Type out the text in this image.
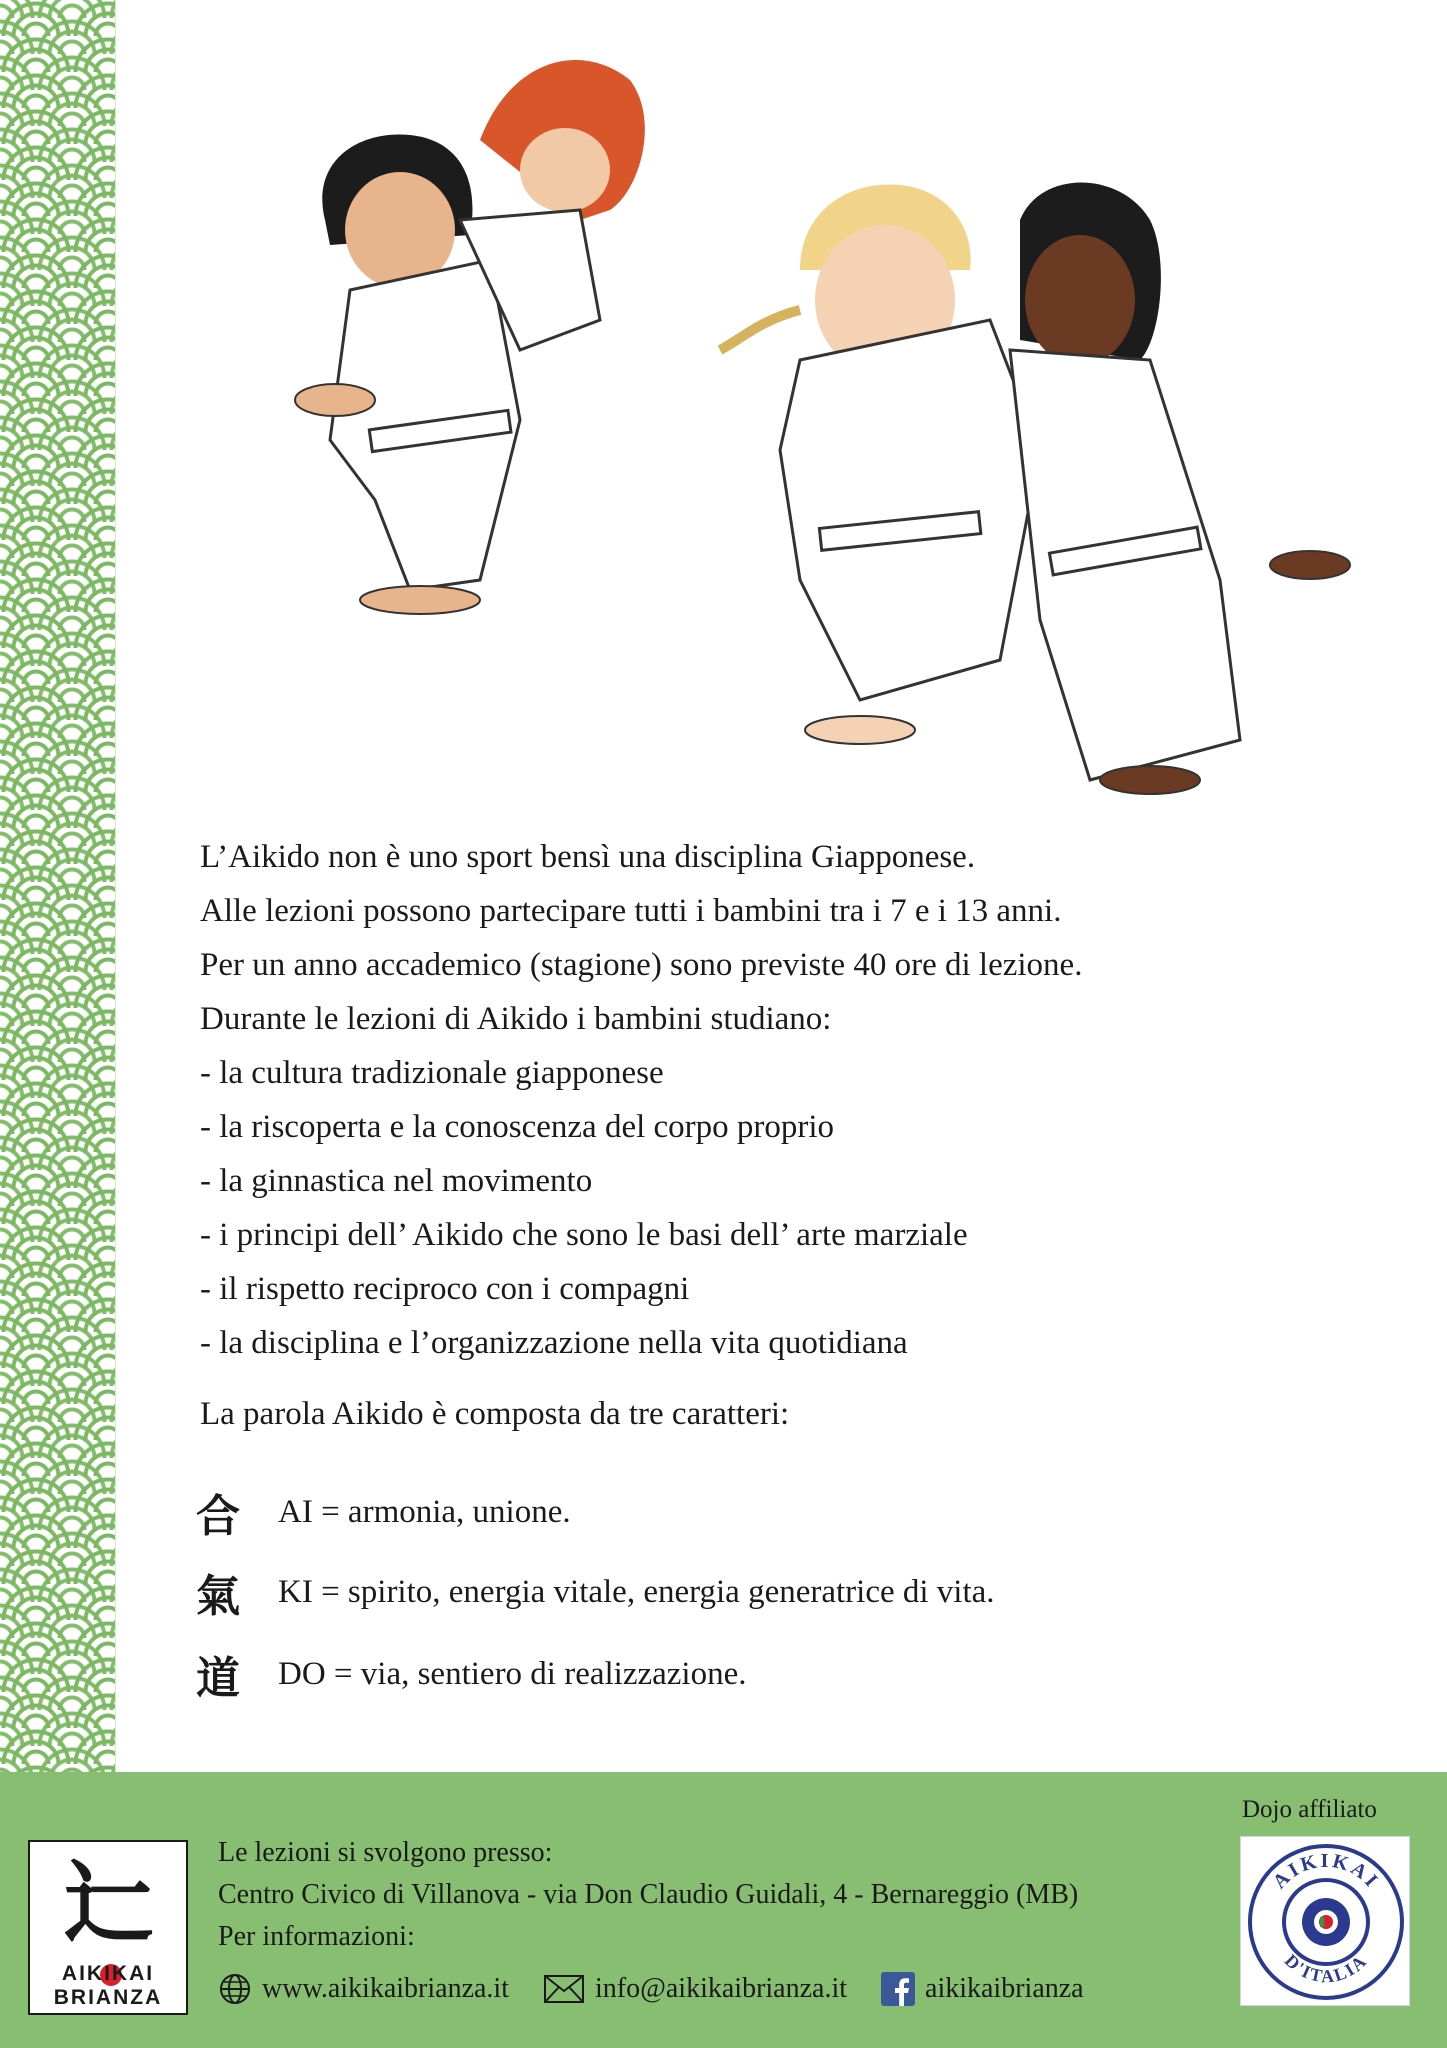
L’Aikido non è uno sport bensì una disciplina Giapponese.

Alle lezioni possono partecipare tutti i bambini tra i 7 e i 13 anni.

Per un anno accademico (stagione) sono previste 40 ore di lezione.

Durante le lezioni di Aikido i bambini studiano:

- la cultura tradizionale giapponese

- la riscoperta e la conoscenza del corpo proprio

- la ginnastica nel movimento

- i principi dell’ Aikido che sono le basi dell’ arte marziale

- il rispetto reciproco con i compagni

- la disciplina e l’organizzazione nella vita quotidiana

La parola Aikido è composta da tre caratteri:
合	AI = armonia, unione.
氣	KI = spirito, energia vitale, energia generatrice di vita.
道	DO = via, sentiero di realizzazione.
辷
AIKIKAI
BRIANZA

Le lezioni si svolgono presso:

Centro Civico di Villanova - via Don Claudio Guidali, 4 - Bernareggio (MB)

Per informazioni:

www.aikikaibrianza.it	info@aikikaibrianza.it	aikikaibrianza
Dojo affiliato
AIKIKAI
D'ITALIA
